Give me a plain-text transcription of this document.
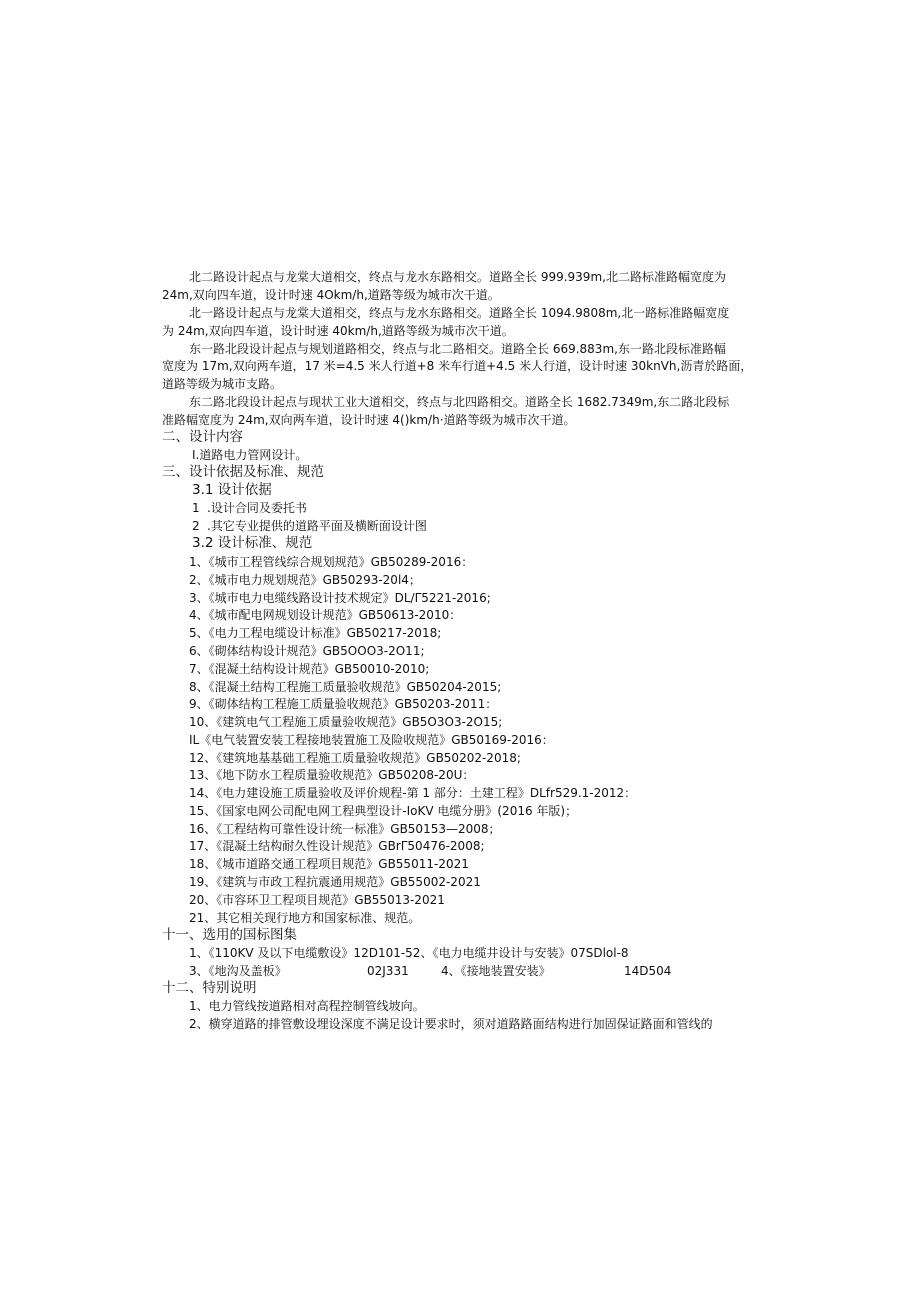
北二路设计起点与龙棠大道相交，终点与龙水东路相交。道路全长 999.939m,北二路标准路幅宽度为
24m,双向四车道，设计时速 4Okm/h,道路等级为城市次干道。
北一路设计起点与龙棠大道相交，终点与龙水东路相交。道路全长 1094.9808m,北一路标准路幅宽度
为 24m,双向四车道，设计时速 40km/h,道路等级为城市次干道。
东一路北段设计起点与规划道路相交，终点与北二路相交。道路全长 669.883m,东一路北段标准路幅
宽度为 17m,双向两车道，17 米=4.5 米人行道+8 米车行道+4.5 米人行道，设计时速 30knVh,沥青於路面，
道路等级为城市支路。
东二路北段设计起点与现状工业大道相交，终点与北四路相交。道路全长 1682.7349m,东二路北段标
准路幅宽度为 24m,双向两车道，设计时速 4()km/h·道路等级为城市次干道。
二、设计内容
I.道路电力管网设计。
三、设计依据及标准、规范
3.1 设计依据
1 .设计合同及委托书
2 .其它专业提供的道路平面及横断面设计图
3.2 设计标准、规范
1、《城市工程管线综合规划规范》GB50289-2016：
2、《城市电力规划规范》GB50293-20l4；
3、《城市电力电缆线路设计技术规定》DL/Γ5221-2016;
4、《城市配电网规划设计规范》GB50613-2010：
5、《电力工程电缆设计标准》GB50217-2018;
6、《砌体结构设计规范》GB5OOO3-2O11;
7、《混凝土结构设计规范》GB50010-2010;
8、《混凝土结构工程施工质量验收规范》GB50204-2015;
9、《砌体结构工程施工质量验收规范》GB50203-2011：
10、《建筑电气工程施工质量验收规范》GB5O3O3-2O15;
IL《电气装置安装工程接地装置施工及险收规范》GB50169-2016：
12、《建筑地基基础工程施工质量验收规范》GB50202-2018;
13、《地下防水工程质量验收规范》GB50208-20U：
14、《电力建设施工质量验收及评价规程-第 1 部分：土建工程》DLfr529.1-2012：
15、《国家电网公司配电网工程典型设计-IoKV 电缆分册》(2016 年版)；
16、《工程结构可靠性设计统一标准》GB50153—2008；
17、《混凝土结构耐久性设计规范》GBrΓ50476-2008;
18、《城市道路交通工程项目规范》GB55011-2021
19、《建筑与市政工程抗震通用规范》GB55002-2021
20、《市容环卫工程项目规范》GB55013-2021
21、其它相关现行地方和国家标准、规范。
十一、选用的国标图集
1、《110KV 及以下电缆敷设》12D101-52、《电力电缆井设计与安装》07SDlol-8
3、《地沟及盖板》	02J331	4、《接地装置安装》	14D504
十二、特别说明
1、电力管线按道路相对高程控制管线坡向。
2、横穿道路的排管敷设埋设深度不满足设计要求时，须对道路路面结构进行加固保证路面和管线的
